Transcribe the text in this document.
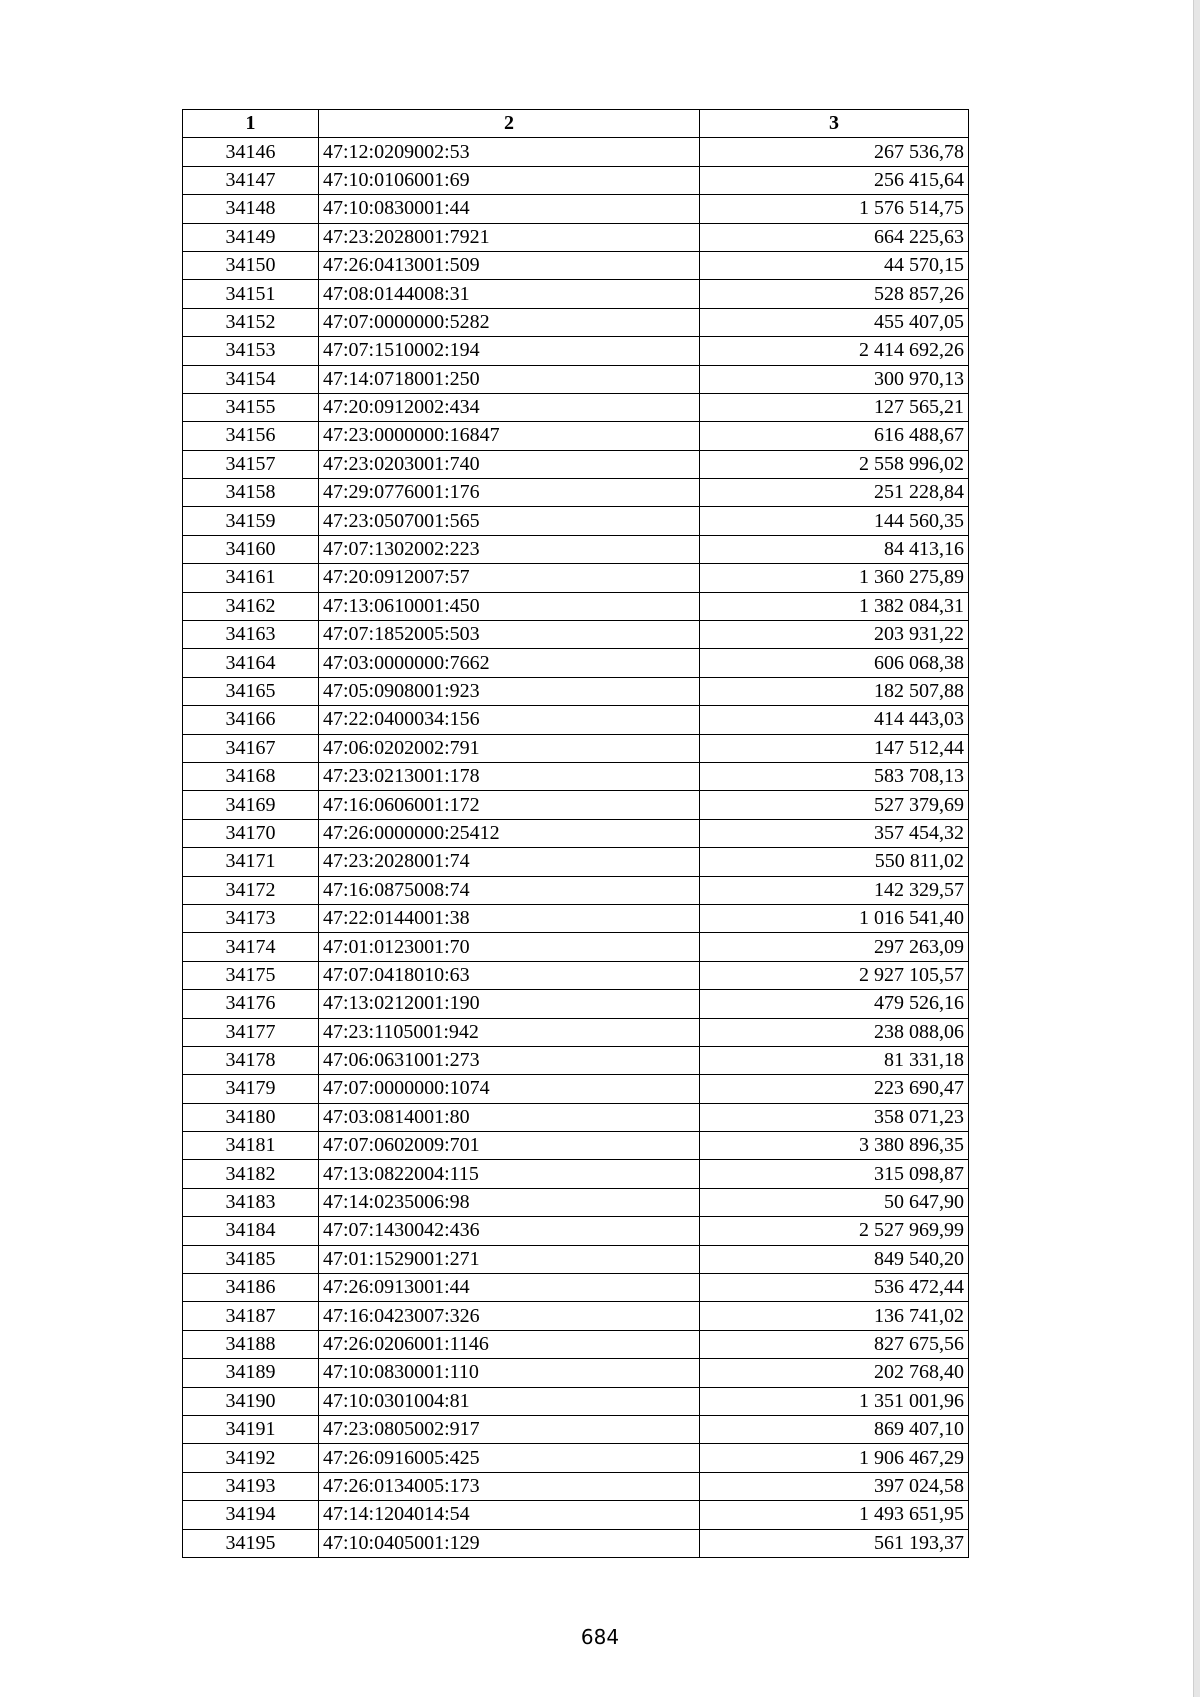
1	2	3
34146	47:12:0209002:53	267 536,78
34147	47:10:0106001:69	256 415,64
34148	47:10:0830001:44	1 576 514,75
34149	47:23:2028001:7921	664 225,63
34150	47:26:0413001:509	44 570,15
34151	47:08:0144008:31	528 857,26
34152	47:07:0000000:5282	455 407,05
34153	47:07:1510002:194	2 414 692,26
34154	47:14:0718001:250	300 970,13
34155	47:20:0912002:434	127 565,21
34156	47:23:0000000:16847	616 488,67
34157	47:23:0203001:740	2 558 996,02
34158	47:29:0776001:176	251 228,84
34159	47:23:0507001:565	144 560,35
34160	47:07:1302002:223	84 413,16
34161	47:20:0912007:57	1 360 275,89
34162	47:13:0610001:450	1 382 084,31
34163	47:07:1852005:503	203 931,22
34164	47:03:0000000:7662	606 068,38
34165	47:05:0908001:923	182 507,88
34166	47:22:0400034:156	414 443,03
34167	47:06:0202002:791	147 512,44
34168	47:23:0213001:178	583 708,13
34169	47:16:0606001:172	527 379,69
34170	47:26:0000000:25412	357 454,32
34171	47:23:2028001:74	550 811,02
34172	47:16:0875008:74	142 329,57
34173	47:22:0144001:38	1 016 541,40
34174	47:01:0123001:70	297 263,09
34175	47:07:0418010:63	2 927 105,57
34176	47:13:0212001:190	479 526,16
34177	47:23:1105001:942	238 088,06
34178	47:06:0631001:273	81 331,18
34179	47:07:0000000:1074	223 690,47
34180	47:03:0814001:80	358 071,23
34181	47:07:0602009:701	3 380 896,35
34182	47:13:0822004:115	315 098,87
34183	47:14:0235006:98	50 647,90
34184	47:07:1430042:436	2 527 969,99
34185	47:01:1529001:271	849 540,20
34186	47:26:0913001:44	536 472,44
34187	47:16:0423007:326	136 741,02
34188	47:26:0206001:1146	827 675,56
34189	47:10:0830001:110	202 768,40
34190	47:10:0301004:81	1 351 001,96
34191	47:23:0805002:917	869 407,10
34192	47:26:0916005:425	1 906 467,29
34193	47:26:0134005:173	397 024,58
34194	47:14:1204014:54	1 493 651,95
34195	47:10:0405001:129	561 193,37
684
